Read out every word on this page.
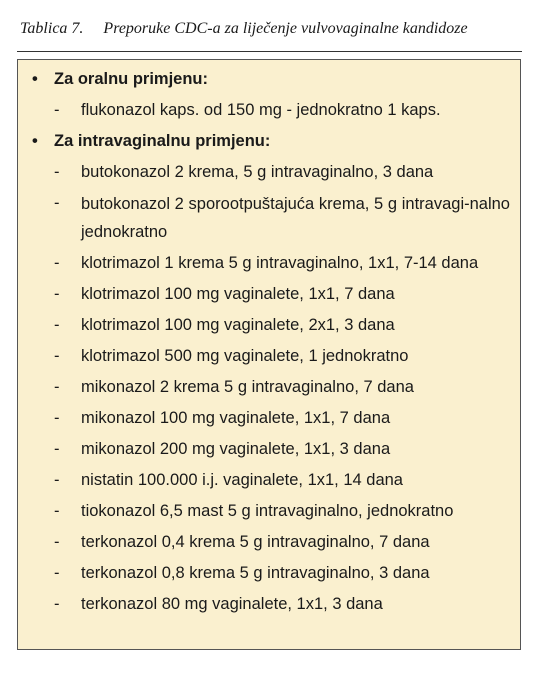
Tablica 7. Preporuke CDC-a za liječenje vulvovaginalne kandidoze
• Za oralnu primjenu:
- flukonazol kaps. od 150 mg - jednokratno 1 kaps.
• Za intravaginalnu primjenu:
- butokonazol 2 krema, 5 g intravaginalno, 3 dana
- butokonazol 2 sporootpuštajuća krema, 5 g intravagi-nalno jednokratno
- klotrimazol 1 krema 5 g intravaginalno, 1x1, 7-14 dana
- klotrimazol 100 mg vaginalete, 1x1, 7 dana
- klotrimazol 100 mg vaginalete, 2x1, 3 dana
- klotrimazol 500 mg vaginalete, 1 jednokratno
- mikonazol 2 krema 5 g intravaginalno, 7 dana
- mikonazol 100 mg vaginalete, 1x1, 7 dana
- mikonazol 200 mg vaginalete, 1x1, 3 dana
- nistatin 100.000 i.j. vaginalete, 1x1, 14 dana
- tiokonazol 6,5 mast 5 g intravaginalno, jednokratno
- terkonazol 0,4 krema 5 g intravaginalno, 7 dana
- terkonazol 0,8 krema 5 g intravaginalno, 3 dana
- terkonazol 80 mg vaginalete, 1x1, 3 dana
